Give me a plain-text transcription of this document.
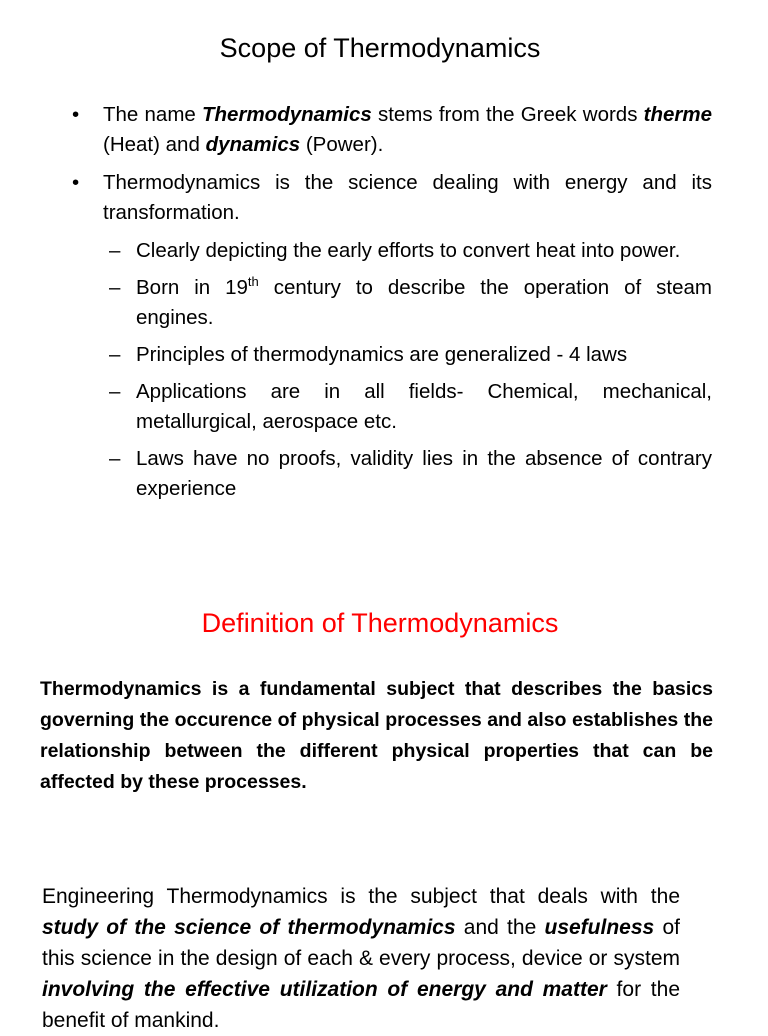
Scope of Thermodynamics
• The name Thermodynamics stems from the Greek words therme (Heat) and dynamics (Power).
• Thermodynamics is the science dealing with energy and its transformation.
– Clearly depicting the early efforts to convert heat into power.
– Born in 19th century to describe the operation of steam engines.
– Principles of thermodynamics are generalized - 4 laws
– Applications are in all fields- Chemical, mechanical, metallurgical, aerospace etc.
– Laws have no proofs, validity lies in the absence of contrary experience
Definition of Thermodynamics
Thermodynamics is a fundamental subject that describes the basics governing the occurence of physical processes and also establishes the relationship between the different physical properties that can be affected by these processes.
Engineering Thermodynamics is the subject that deals with the study of the science of thermodynamics and the usefulness of this science in the design of each & every process, device or system involving the effective utilization of energy and matter for the benefit of mankind.
